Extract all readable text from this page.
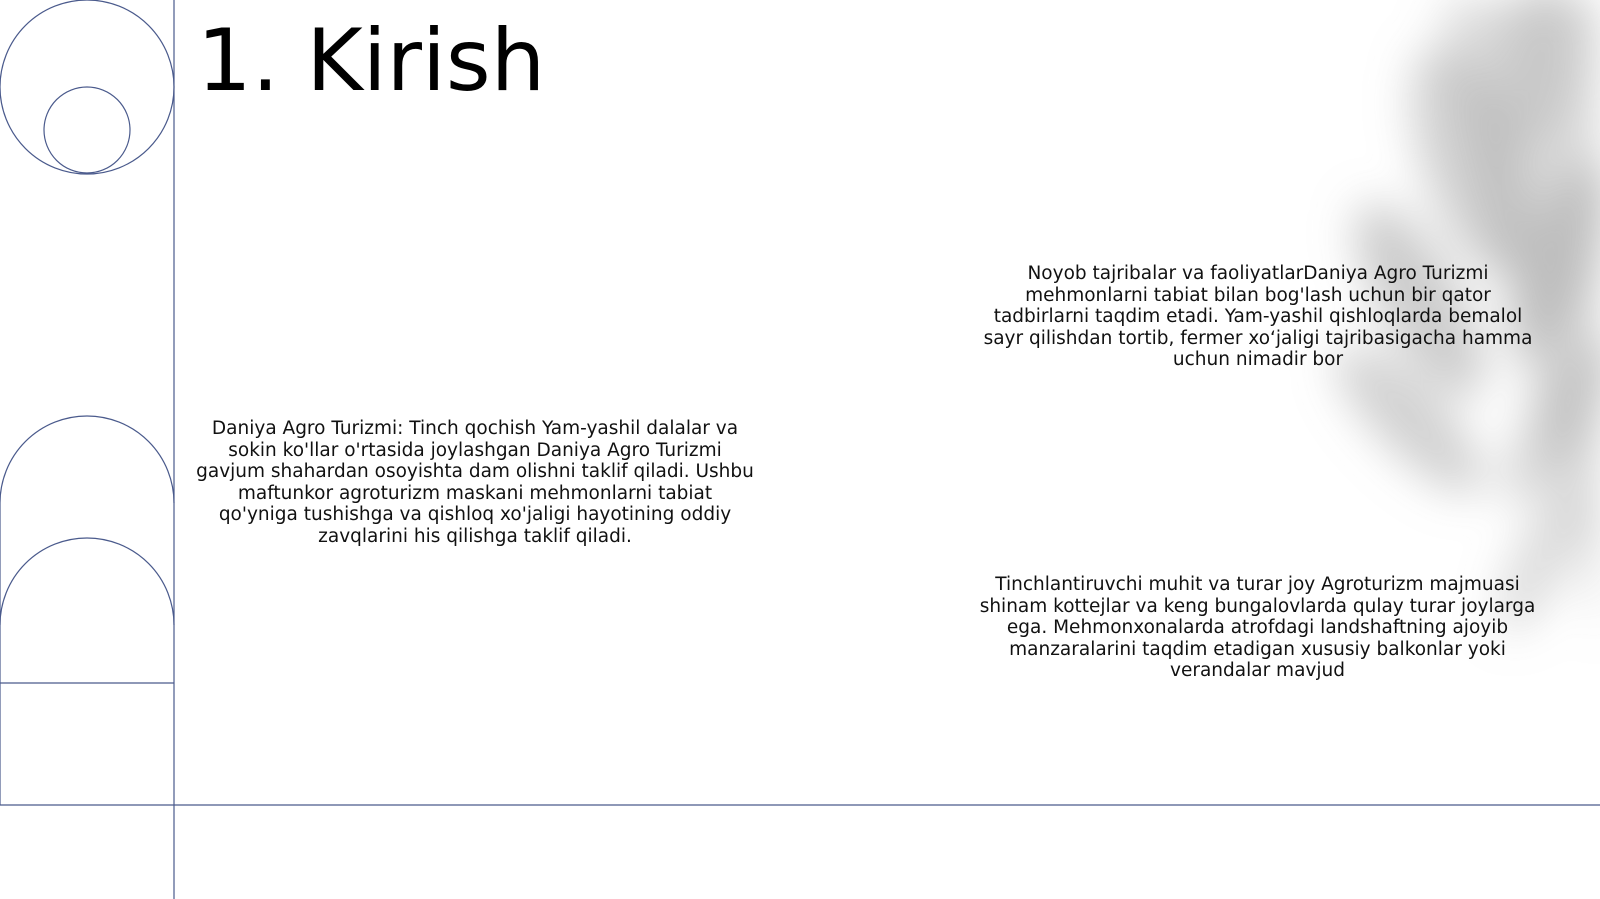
1. Kirish

Daniya Agro Turizmi: Tinch qochish Yam-yashil dalalar va sokin ko'llar o'rtasida joylashgan Daniya Agro Turizmi gavjum shahardan osoyishta dam olishni taklif qiladi. Ushbu maftunkor agroturizm maskani mehmonlarni tabiat qo'yniga tushishga va qishloq xo'jaligi hayotining oddiy zavqlarini his qilishga taklif qiladi.

Noyob tajribalar va faoliyatlarDaniya Agro Turizmi mehmonlarni tabiat bilan bog'lash uchun bir qator tadbirlarni taqdim etadi. Yam-yashil qishloqlarda bemalol sayr qilishdan tortib, fermer xo‘jaligi tajribasigacha hamma uchun nimadir bor

Tinchlantiruvchi muhit va turar joy Agroturizm majmuasi shinam kottejlar va keng bungalovlarda qulay turar joylarga ega. Mehmonxonalarda atrofdagi landshaftning ajoyib manzaralarini taqdim etadigan xususiy balkonlar yoki verandalar mavjud
